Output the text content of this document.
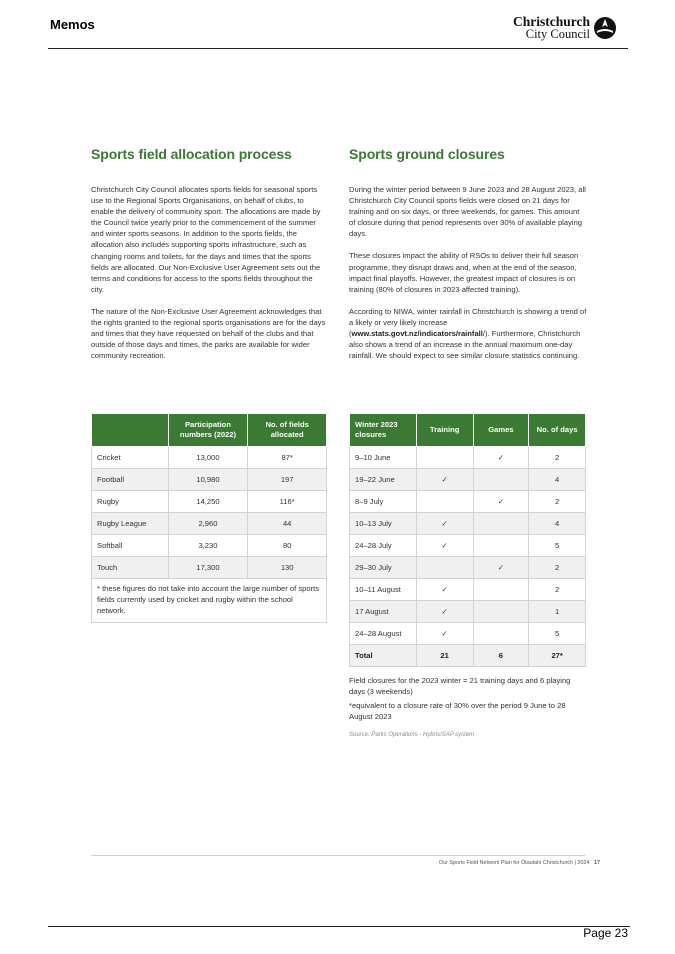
Memos	Christchurch
City Council
Sports field allocation process

Christchurch City Council allocates sports fields for seasonal sports use to the Regional Sports Organisations, on behalf of clubs, to enable the delivery of community sport. The allocations are made by the Council twice yearly prior to the commencement of the summer and winter sports seasons. In addition to the sports fields, the allocation also includes supporting sports infrastructure, such as changing rooms and toilets, for the days and times that the sports fields are allocated. Our Non-Exclusive User Agreement sets out the terms and conditions for access to the sports fields throughout the city.

The nature of the Non-Exclusive User Agreement acknowledges that the rights granted to the regional sports organisations are for the days and times that they have requested on behalf of the clubs and that outside of those days and times, the parks are available for wider community recreation.

Sports ground closures

During the winter period between 9 June 2023 and 28 August 2023, all Christchurch City Council sports fields were closed on 21 days for training and on six days, or three weekends, for games. This amount of closure during that period represents over 30% of available playing days.

These closures impact the ability of RSOs to deliver their full season programme, they disrupt draws and, when at the end of the season, impact final playoffs. However, the greatest impact of closures is on training (80% of closures in 2023 affected training).

According to NIWA, winter rainfall in Christchurch is showing a trend of a likely or very likely increase (www.stats.govt.nz/indicators/rainfall/). Furthermore, Christchurch also shows a trend of an increase in the annual maximum one-day rainfall. We should expect to see similar closure statistics continuing.

	Participation numbers (2022)	No. of fields allocated
Cricket	13,000	87*
Football	10,980	197
Rugby	14,250	116*
Rugby League	2,960	44
Softball	3,230	80
Touch	17,300	130
* these figures do not take into account the large number of sports fields currently used by cricket and rugby within the school network.
Winter 2023 closures	Training	Games	No. of days
9–10 June		✓	2
19–22 June	✓		4
8–9 July		✓	2
10–13 July	✓		4
24–28 July	✓		5
29–30 July		✓	2
10–11 August	✓		2
17 August	✓		1
24–28 August	✓		5
Total	21	6	27*

Field closures for the 2023 winter = 21 training days and 6 playing days (3 weekends)

*equivalent to a closure rate of 30% over the period 9 June to 28 August 2023

Source: Parks Operations - Hybris/SAP system

Our Sports Field Network Plan for Ōtautahi Christchurch | 2024 17
Page 23
